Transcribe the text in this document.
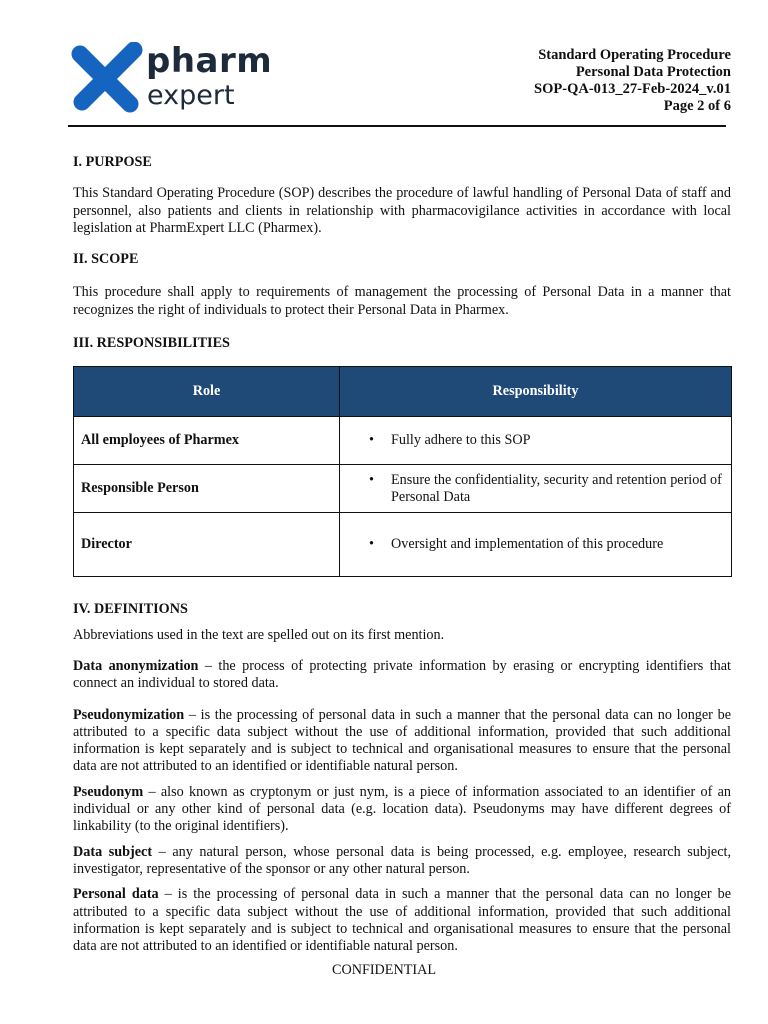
pharm
expert
Standard Operating Procedure
Personal Data Protection
SOP-QA-013_27-Feb-2024_v.01
Page 2 of 6
I. PURPOSE

This Standard Operating Procedure (SOP) describes the procedure of lawful handling of Personal Data of staff and personnel, also patients and clients in relationship with pharmacovigilance activities in accordance with local legislation at PharmExpert LLC (Pharmex).

II. SCOPE

This procedure shall apply to requirements of management the processing of Personal Data in a manner that recognizes the right of individuals to protect their Personal Data in Pharmex.

III. RESPONSIBILITIES
Role	Responsibility
All employees of Pharmex	• Fully adhere to this SOP

Responsible Person	• Ensure the confidentiality, security and retention period of Personal Data

Director	• Oversight and implementation of this procedure
IV. DEFINITIONS

Abbreviations used in the text are spelled out on its first mention.

Data anonymization – the process of protecting private information by erasing or encrypting identifiers that connect an individual to stored data.

Pseudonymization – is the processing of personal data in such a manner that the personal data can no longer be attributed to a specific data subject without the use of additional information, provided that such additional information is kept separately and is subject to technical and organisational measures to ensure that the personal data are not attributed to an identified or identifiable natural person.

Pseudonym – also known as cryptonym or just nym, is a piece of information associated to an identifier of an individual or any other kind of personal data (e.g. location data). Pseudonyms may have different degrees of linkability (to the original identifiers).

Data subject – any natural person, whose personal data is being processed, e.g. employee, research subject, investigator, representative of the sponsor or any other natural person.

Personal data – is the processing of personal data in such a manner that the personal data can no longer be attributed to a specific data subject without the use of additional information, provided that such additional information is kept separately and is subject to technical and organisational measures to ensure that the personal data are not attributed to an identified or identifiable natural person.

CONFIDENTIAL
